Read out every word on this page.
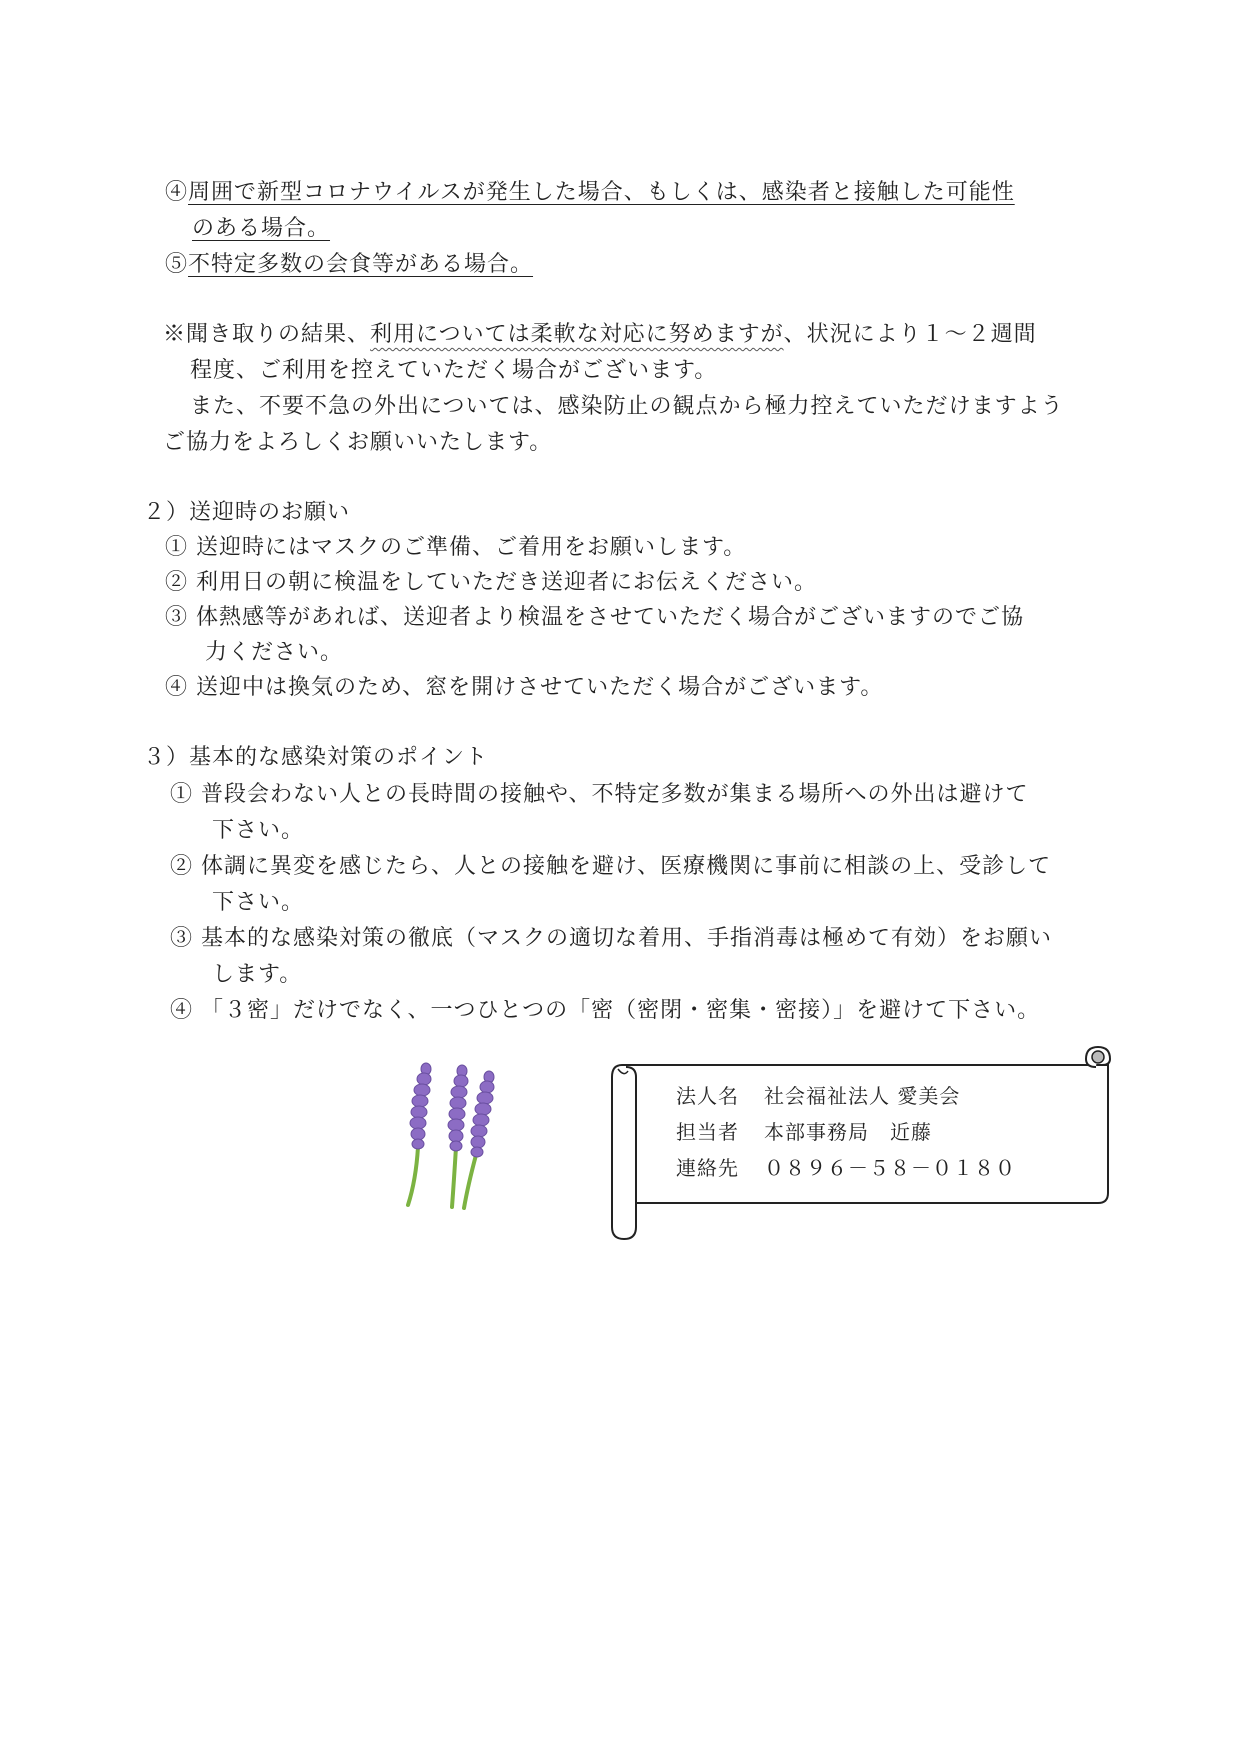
④周囲で新型コロナウイルスが発生した場合、もしくは、感染者と接触した可能性
のある場合。
⑤不特定多数の会食等がある場合。
※聞き取りの結果、利用については柔軟な対応に努めますが、状況により１～２週間
程度、ご利用を控えていただく場合がございます。
また、不要不急の外出については、感染防止の観点から極力控えていただけますよう
ご協力をよろしくお願いいたします。
２）送迎時のお願い
① 送迎時にはマスクのご準備、ご着用をお願いします。
② 利用日の朝に検温をしていただき送迎者にお伝えください。
③ 体熱感等があれば、送迎者より検温をさせていただく場合がございますのでご協
力ください。
④ 送迎中は換気のため、窓を開けさせていただく場合がございます。
３）基本的な感染対策のポイント
① 普段会わない人との長時間の接触や、不特定多数が集まる場所への外出は避けて
下さい。
② 体調に異変を感じたら、人との接触を避け、医療機関に事前に相談の上、受診して
下さい。
③ 基本的な感染対策の徹底（マスクの適切な着用、手指消毒は極めて有効）をお願い
します。
④ 「３密」だけでなく、一つひとつの「密（密閉・密集・密接）」を避けて下さい。
法人名 社会福祉法人 愛美会
担当者 本部事務局　近藤
連絡先 ０８９６－５８－０１８０
